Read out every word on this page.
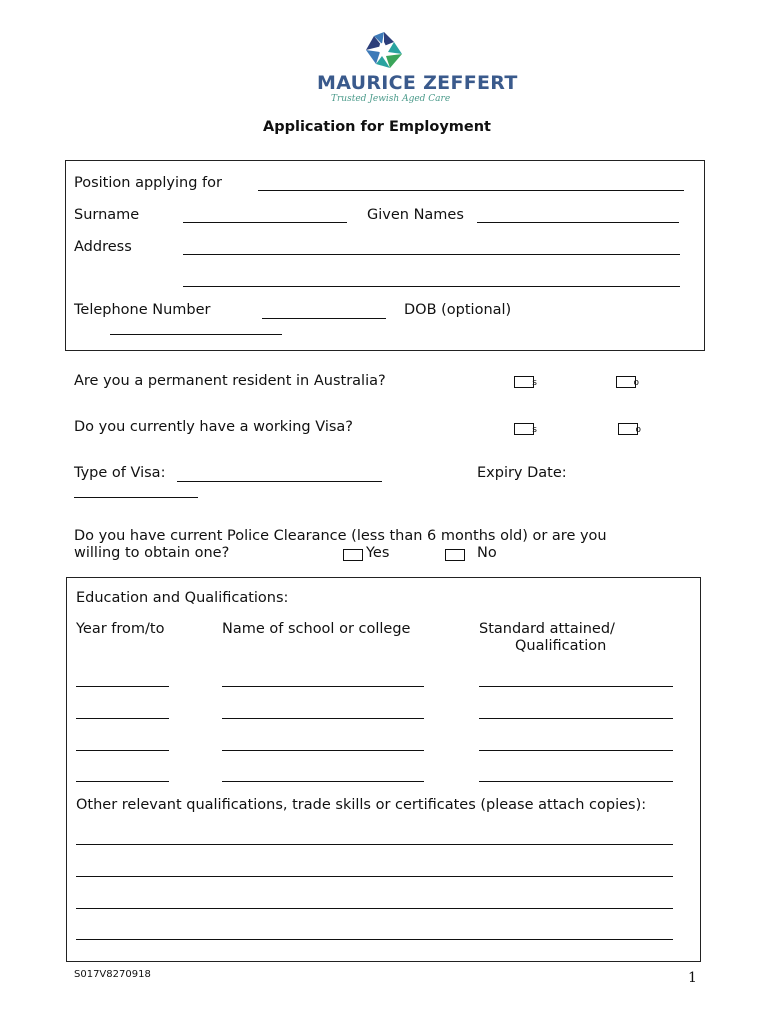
MAURICE ZEFFERT
Trusted Jewish Aged Care
Application for Employment
Position applying for
Surname	Given Names
Address
Telephone Number	DOB (optional)
Are you a permanent resident in Australia?	s	o
Do you currently have a working Visa?	s	o
Type of Visa:	Expiry Date:
Do you have current Police Clearance (less than 6 months old) or are you
willing to obtain one?	Yes	No
Education and Qualifications:
Year from/to	Name of school or college	Standard attained/
Qualification
Other relevant qualifications, trade skills or certificates (please attach copies):
S017V8270918	1
